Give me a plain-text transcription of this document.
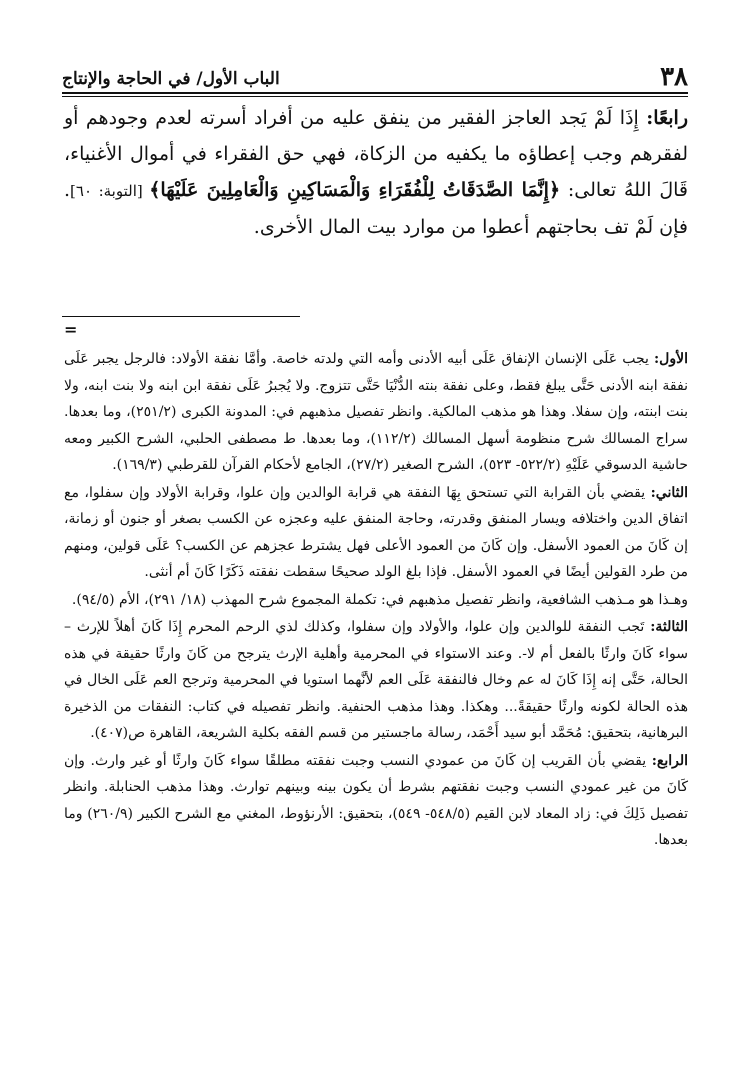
٣٨
الباب الأول/ في الحاجة والإنتاج

رابعًا: إِذَا لَمْ يَجد العاجز الفقير من ينفق عليه من أفراد أسرته لعدم وجودهم أو لفقرهم وجب إعطاؤه ما يكفيه من الزكاة، فهي حق الفقراء في أموال الأغنياء، قَالَ اللهُ تعالى: ﴿إِنَّمَا الصَّدَقَاتُ لِلْفُقَرَاءِ وَالْمَسَاكِينِ وَالْعَامِلِينَ عَلَيْهَا﴾ [التوبة: ٦٠]. فإن لَمْ تف بحاجتهم أعطوا من موارد بيت المال الأخرى.

=

الأول: يجب عَلَى الإنسان الإنفاق عَلَى أبيه الأدنى وأمه التي ولدته خاصة. وأمَّا نفقة الأولاد: فالرجل يجبر عَلَى نفقة ابنه الأدنى حَتَّى يبلغ فقط، وعلى نفقة بنته الدُّنْيَا حَتَّى تتزوج. ولا يُجبرُ عَلَى نفقة ابن ابنه ولا بنت ابنه، ولا بنت ابنته، وإن سفلا. وهذا هو مذهب المالكية. وانظر تفصيل مذهبهم في: المدونة الكبرى (٢٥١/٢)، وما بعدها. سراج المسالك شرح منظومة أسهل المسالك (١١٢/٢)، وما بعدها. ط مصطفى الحلبي، الشرح الكبير ومعه حاشية الدسوقي عَلَيْهِ (٥٢٢/٢- ٥٢٣)، الشرح الصغير (٢٧/٢)، الجامع لأحكام القرآن للقرطبي (١٦٩/٣).

الثاني: يقضي بأن القرابة التي تستحق بِهَا النفقة هي قرابة الوالدين وإن علوا، وقرابة الأولاد وإن سفلوا، مع اتفاق الدين واختلافه ويسار المنفق وقدرته، وحاجة المنفق عليه وعجزه عن الكسب بصغر أو جنون أو زمانة، إن كَانَ من العمود الأسفل. وإن كَانَ من العمود الأعلى فهل يشترط عجزهم عن الكسب؟ عَلَى قولين، ومنهم من طرد القولين أيضًا في العمود الأسفل. فإذا بلغ الولد صحيحًا سقطت نفقته ذَكَرًا كَانَ أم أنثى.

وهـذا هو مـذهب الشافعية، وانظر تفصيل مذهبهم في: تكملة المجموع شرح المهذب (١٨/ ٢٩١)، الأم (٩٤/٥).

الثالثة: تَجب النفقة للوالدين وإن علوا، والأولاد وإن سفلوا، وكذلك لذي الرحم المحرم إِذَا كَانَ أهلاً للإرث –سواء كَانَ وارثًا بالفعل أم لا-. وعند الاستواء في المحرمية وأهلية الإرث يترجح من كَانَ وارثًا حقيقة في هذه الحالة، حَتَّى إنه إِذَا كَانَ له عم وخال فالنفقة عَلَى العم لأنَّهما استويا في المحرمية وترجح العم عَلَى الخال في هذه الحالة لكونه وارثًا حقيقةً... وهكذا. وهذا مذهب الحنفية. وانظر تفصيله في كتاب: النفقات من الذخيرة البرهانية، بتحقيق: مُحَمَّد أبو سيد أَحْمَد، رسالة ماجستير من قسم الفقه بكلية الشريعة، القاهرة ص(٤٠٧).

الرابع: يقضي بأن القريب إن كَانَ من عمودي النسب وجبت نفقته مطلقًا سواء كَانَ وارثًا أو غير وارث. وإن كَانَ من غير عمودي النسب وجبت نفقتهم بشرط أن يكون بينه وبينهم توارث. وهذا مذهب الحنابلة. وانظر تفصيل ذَلِكَ في: زاد المعاد لابن القيم (٥٤٨/٥- ٥٤٩)، بتحقيق: الأرنؤوط، المغني مع الشرح الكبير (٢٦٠/٩) وما بعدها.
